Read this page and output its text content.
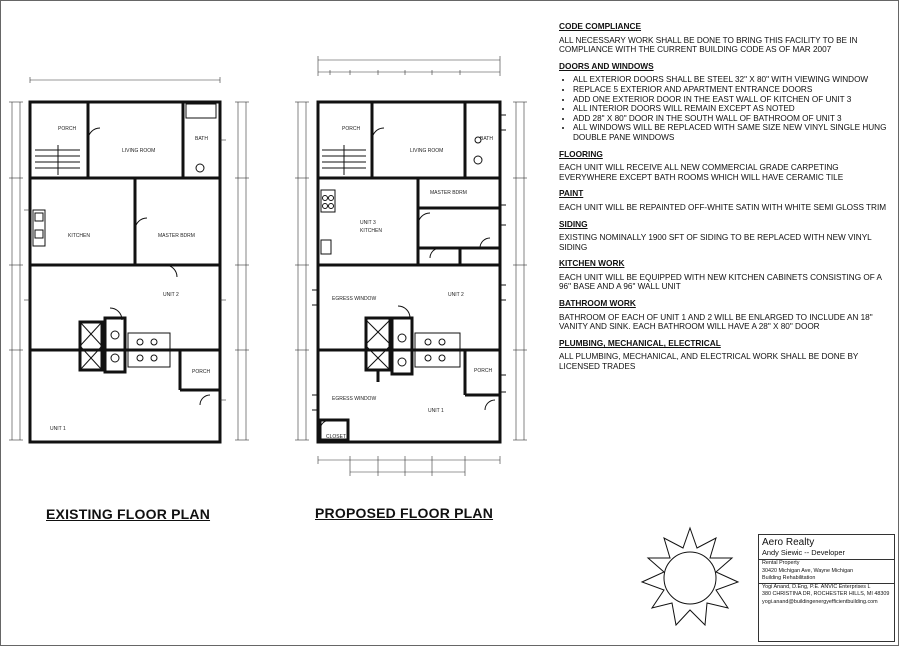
PORCH
LIVING ROOM
BATH
KITCHEN	MASTER BDRM
UNIT 2
PORCH
UNIT 1
PORCH
LIVING ROOM
BATH
MASTER BDRM
UNIT 3
KITCHEN
EGRESS WINDOW
UNIT 2
PORCH
EGRESS WINDOW
UNIT 1
CLOSET
EXISTING FLOOR PLAN	PROPOSED FLOOR PLAN
CODE COMPLIANCE

ALL NECESSARY WORK SHALL BE DONE TO BRING THIS FACILITY TO BE IN COMPLIANCE WITH THE CURRENT BUILDING CODE AS OF MAR 2007

DOORS AND WINDOWS
• ALL EXTERIOR DOORS SHALL BE STEEL 32" X 80" WITH VIEWING WINDOW
• REPLACE 5 EXTERIOR AND APARTMENT ENTRANCE DOORS
• ADD ONE EXTERIOR DOOR IN THE EAST WALL OF KITCHEN OF UNIT 3
• ALL INTERIOR DOORS WILL REMAIN EXCEPT AS NOTED
• ADD 28" X 80" DOOR IN THE SOUTH WALL OF BATHROOM OF UNIT 3
• ALL WINDOWS WILL BE REPLACED WITH SAME SIZE NEW VINYL SINGLE HUNG DOUBLE PANE WINDOWS
FLOORING

EACH UNIT WILL RECEIVE ALL NEW COMMERCIAL GRADE CARPETING EVERYWHERE EXCEPT BATH ROOMS WHICH WILL HAVE CERAMIC TILE

PAINT

EACH UNIT WILL BE REPAINTED OFF-WHITE SATIN WITH WHITE SEMI GLOSS TRIM

SIDING

EXISTING NOMINALLY 1900 SFT OF SIDING TO BE REPLACED WITH NEW VINYL SIDING

KITCHEN WORK

EACH UNIT WILL BE EQUIPPED WITH NEW KITCHEN CABINETS CONSISTING OF A 96" BASE AND A 96" WALL UNIT

BATHROOM WORK

BATHROOM OF EACH OF UNIT 1 AND 2 WILL BE ENLARGED TO INCLUDE AN 18" VANITY AND SINK. EACH BATHROOM WILL HAVE A 28" X 80" DOOR

PLUMBING, MECHANICAL, ELECTRICAL

ALL PLUMBING, MECHANICAL, AND ELECTRICAL WORK SHALL BE DONE BY LICENSED TRADES

Aero Realty
Andy Siewic -- Developer
Rental Property
30420 Michigan Ave, Wayne Michigan
Building Rehabilitation
Yogi Anand, D.Eng, P.E. ANVIC Enterprises L
380 CHRISTINA DR, ROCHESTER HILLS, MI 48309
yogi.anand@buildingenergyefficientbuilding.com
